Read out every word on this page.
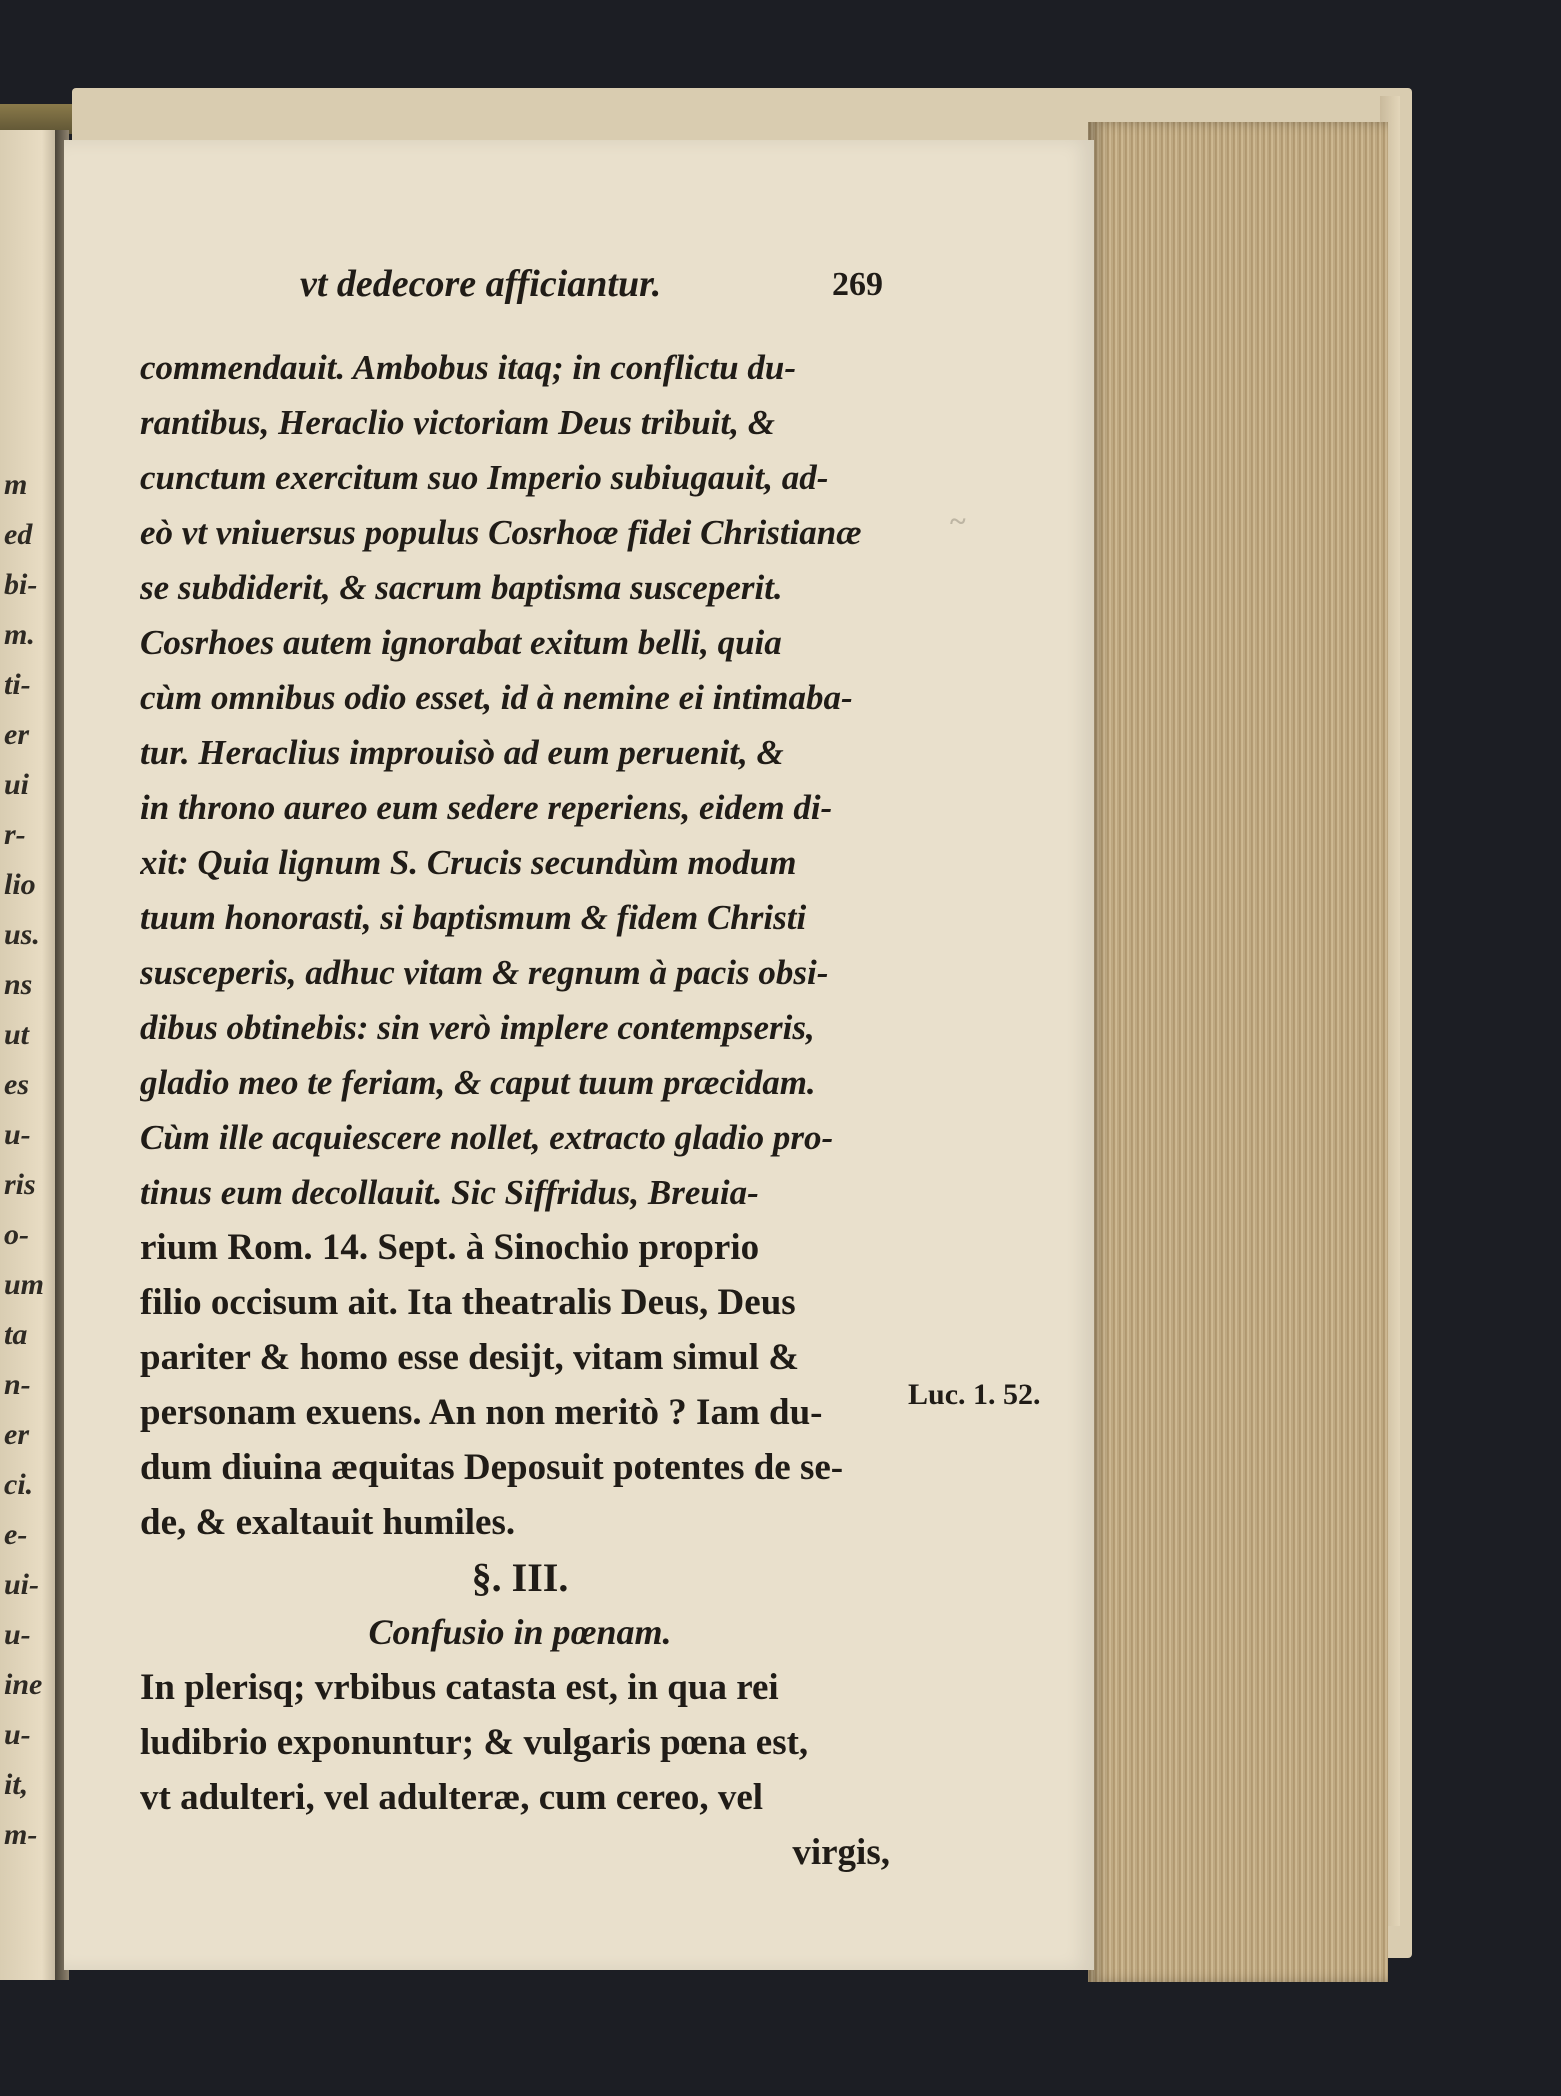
m
ed
bi-
m.
ti-
er
ui
r-
lio
us.
ns
ut
es
u-
ris
o-
um
ta
n-
er
ci.
e-
ui-
u-
ine
u-
it,
m-
~
vt dedecore afficiantur.	269
commendauit. Ambobus itaq; in conflictu du-
rantibus, Heraclio victoriam Deus tribuit, &
cunctum exercitum suo Imperio subiugauit, ad-
eò vt vniuersus populus Cosrhoæ fidei Christianæ
se subdiderit, & sacrum baptisma susceperit.
Cosrhoes autem ignorabat exitum belli, quia
cùm omnibus odio esset, id à nemine ei intimaba-
tur. Heraclius improuisò ad eum peruenit, &
in throno aureo eum sedere reperiens, eidem di-
xit: Quia lignum S. Crucis secundùm modum
tuum honorasti, si baptismum & fidem Christi
susceperis, adhuc vitam & regnum à pacis obsi-
dibus obtinebis: sin verò implere contempseris,
gladio meo te feriam, & caput tuum præcidam.
Cùm ille acquiescere nollet, extracto gladio pro-
tinus eum decollauit. Sic Siffridus, Breuia-
rium Rom. 14. Sept. à Sinochio proprio
filio occisum ait. Ita theatralis Deus, Deus
pariter & homo esse desijt, vitam simul &
personam exuens. An non meritò ? Iam du-
dum diuina æquitas Deposuit potentes de se-
de, & exaltauit humiles.
§. III.
Confusio in pœnam.
In plerisq; vrbibus catasta est, in qua rei
ludibrio exponuntur; & vulgaris pœna est,
vt adulteri, vel adulteræ, cum cereo, vel
virgis,
Luc. 1. 52.
